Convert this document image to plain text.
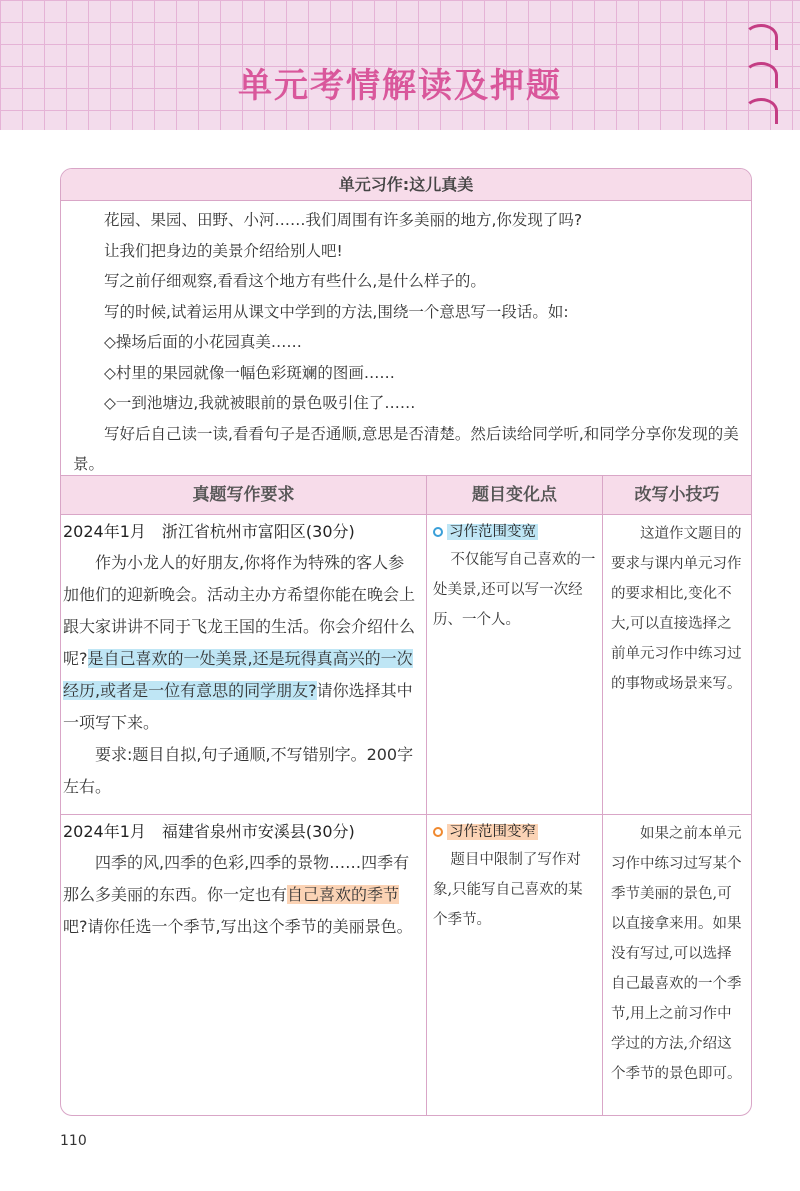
单元考情解读及押题
单元习作:这儿真美

花园、果园、田野、小河……我们周围有许多美丽的地方,你发现了吗?

让我们把身边的美景介绍给别人吧!

写之前仔细观察,看看这个地方有些什么,是什么样子的。

写的时候,试着运用从课文中学到的方法,围绕一个意思写一段话。如:

◇操场后面的小花园真美……

◇村里的果园就像一幅色彩斑斓的图画……

◇一到池塘边,我就被眼前的景色吸引住了……

写好后自己读一读,看看句子是否通顺,意思是否清楚。然后读给同学听,和同学分享你发现的美景。

真题写作要求	题目变化点	改写小技巧
2024年1月　浙江省杭州市富阳区(30分)
作为小龙人的好朋友,你将作为特殊的客人参加他们的迎新晚会。活动主办方希望你能在晚会上跟大家讲讲不同于飞龙王国的生活。你会介绍什么呢?是自己喜欢的一处美景,还是玩得真高兴的一次经历,或者是一位有意思的同学朋友?请你选择其中一项写下来。
要求:题目自拟,句子通顺,不写错别字。200字左右。
习作范围变宽
不仅能写自己喜欢的一处美景,还可以写一次经历、一个人。
这道作文题目的要求与课内单元习作的要求相比,变化不大,可以直接选择之前单元习作中练习过的事物或场景来写。
2024年1月　福建省泉州市安溪县(30分)
四季的风,四季的色彩,四季的景物……四季有那么多美丽的东西。你一定也有自己喜欢的季节吧?请你任选一个季节,写出这个季节的美丽景色。
习作范围变窄
题目中限制了写作对象,只能写自己喜欢的某个季节。
如果之前本单元习作中练习过写某个季节美丽的景色,可以直接拿来用。如果没有写过,可以选择自己最喜欢的一个季节,用上之前习作中学过的方法,介绍这个季节的景色即可。
110
